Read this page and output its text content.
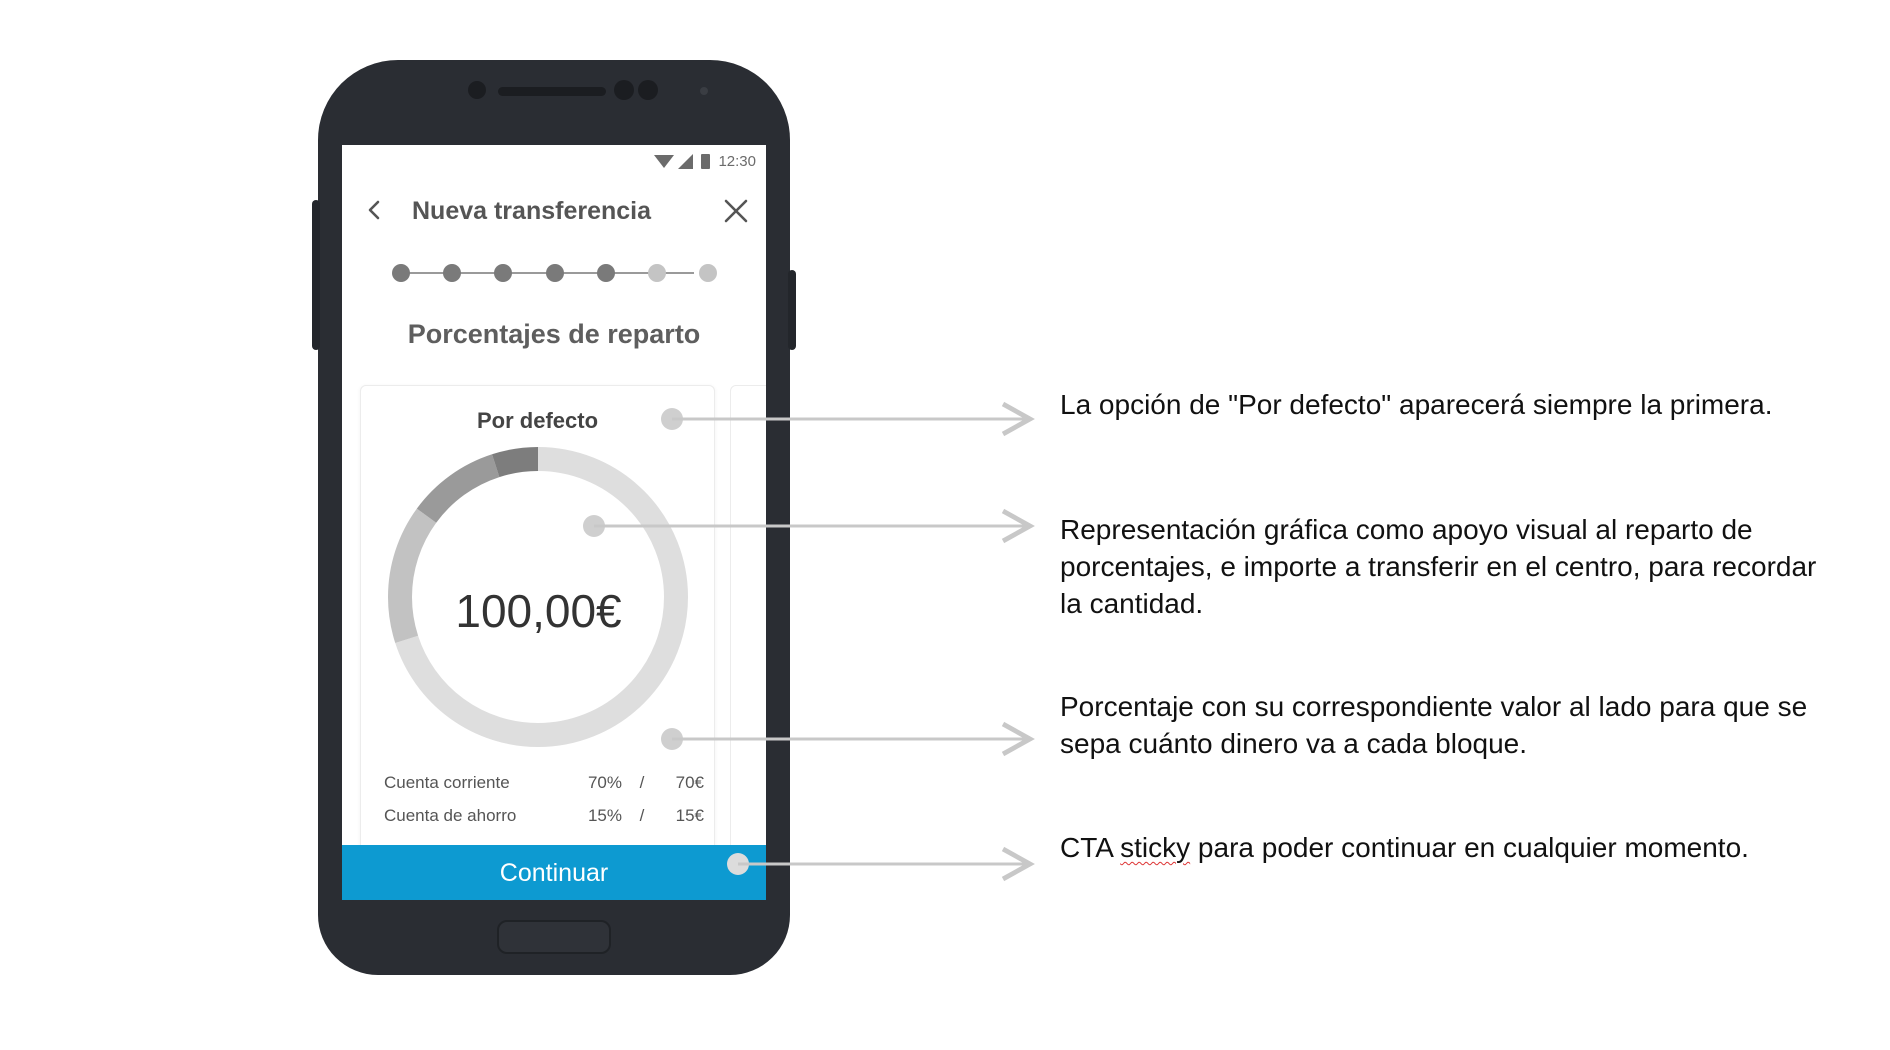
12:30
Nueva transferencia
Porcentajes de reparto
Por defecto
100,00€
Cuenta corriente	70%	/	70€
Cuenta de ahorro	15%	/	15€
Continuar
La opción de "Por defecto" aparecerá siempre la primera.
Representación gráfica como apoyo visual al reparto de porcentajes, e importe a transferir en el centro, para recordar la cantidad.
Porcentaje con su correspondiente valor al lado para que se sepa cuánto dinero va a cada bloque.
CTA sticky para poder continuar en cualquier momento.
